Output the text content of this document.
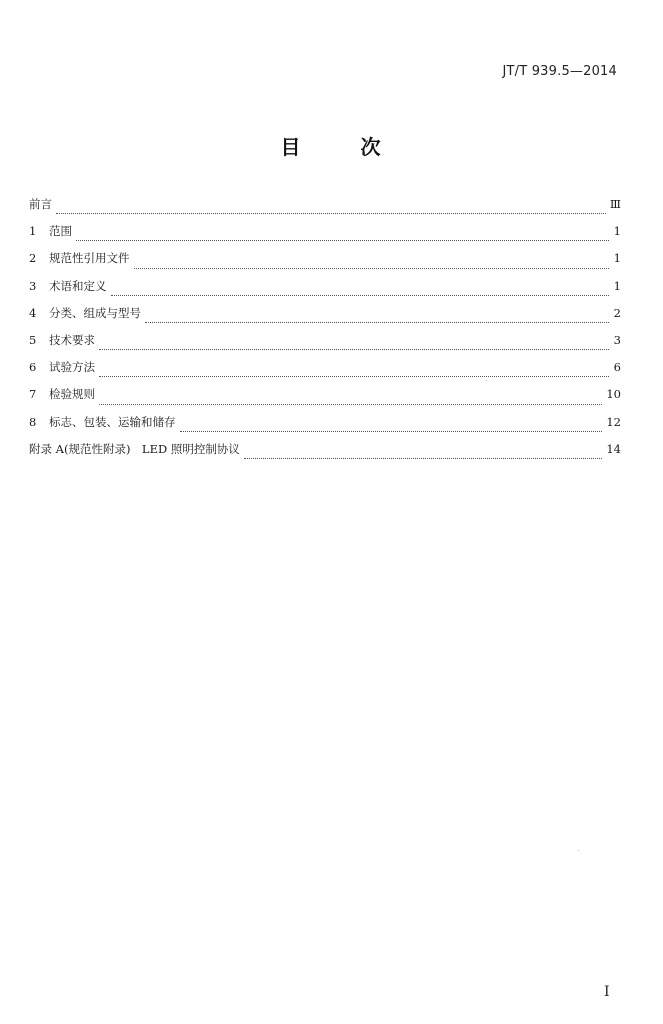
JT/T 939.5—2014
目	次
前言	Ⅲ
1	范围	1
2	规范性引用文件	1
3	术语和定义	1
4	分类、组成与型号	2
5	技术要求	3
6	试验方法	6
7	检验规则	10
8	标志、包装、运输和储存	12
附录 A(规范性附录)　LED 照明控制协议	14
I
